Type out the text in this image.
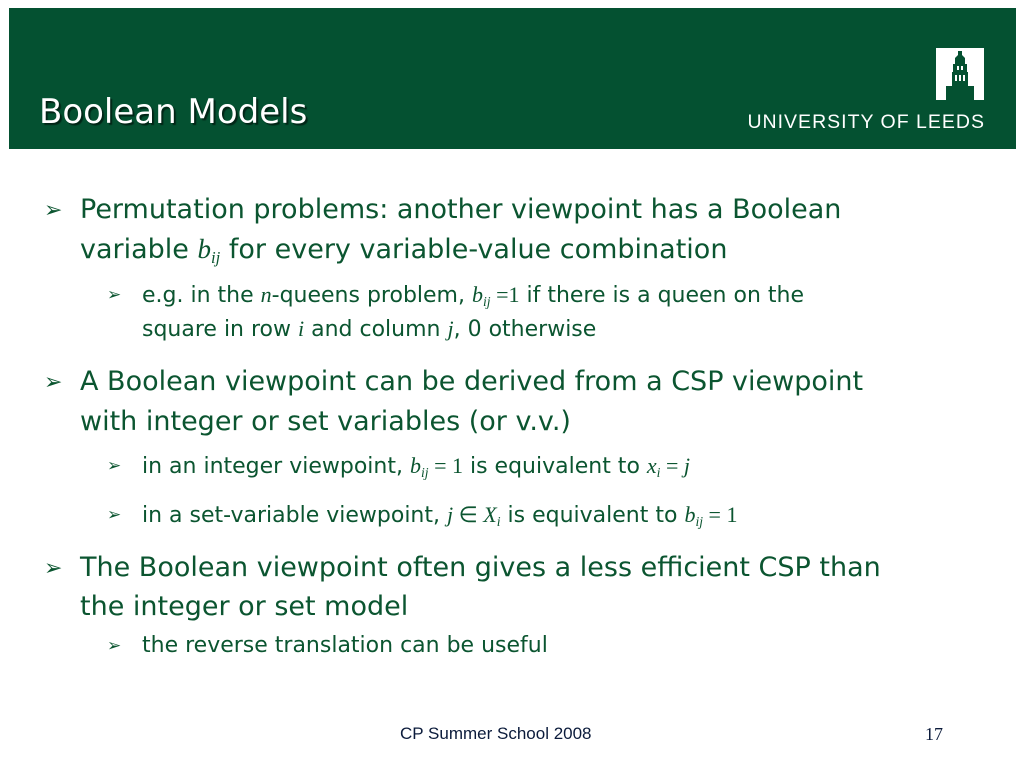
Boolean Models	UNIVERSITY OF LEEDS
➢ Permutation problems: another viewpoint has a Boolean
variable $b_{ij}$ for every variable-value combination
➢ e.g. in the n-queens problem, $b_{ij} =1$ if there is a queen on the
square in row i and column j, 0 otherwise
➢ A Boolean viewpoint can be derived from a CSP viewpoint
with integer or set variables (or v.v.)
➢ in an integer viewpoint, $b_{ij} = 1$ is equivalent to $x_i = j$
➢ in a set-variable viewpoint, j ∈ $X_i$ is equivalent to $b_{ij} = 1$
➢ The Boolean viewpoint often gives a less efficient CSP than
the integer or set model
➢ the reverse translation can be useful
CP Summer School 2008	17
